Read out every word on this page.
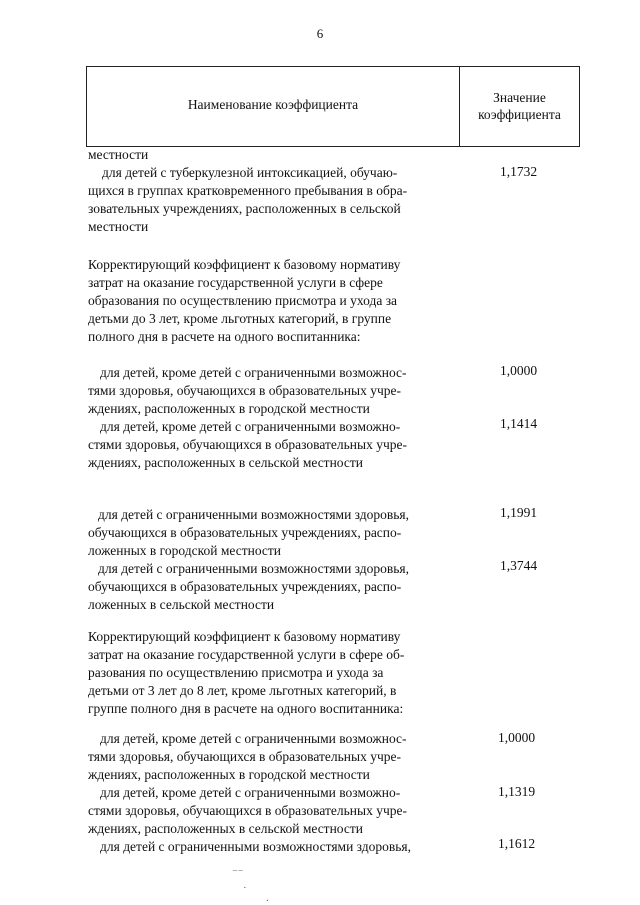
6
Наименование коэффициента	Значение
коэффициента
местности
для детей с туберкулезной интоксикацией, обучаю-
щихся в группах кратковременного пребывания в обра-
зовательных учреждениях, расположенных в сельской
местности
1,1732
Корректирующий коэффициент к базовому нормативу
затрат на оказание государственной услуги в сфере
образования по осуществлению присмотра и ухода за
детьми до 3 лет, кроме льготных категорий, в группе
полного дня в расчете на одного воспитанника:
для детей, кроме детей с ограниченными возможнос-
тями здоровья, обучающихся в образовательных учре-
ждениях, расположенных в городской местности
1,0000
для детей, кроме детей с ограниченными возможно-
стями здоровья, обучающихся в образовательных учре-
ждениях, расположенных в сельской местности
1,1414
для детей с ограниченными возможностями здоровья,
обучающихся в образовательных учреждениях, распо-
ложенных в городской местности
1,1991
для детей с ограниченными возможностями здоровья,
обучающихся в образовательных учреждениях, распо-
ложенных в сельской местности
1,3744
Корректирующий коэффициент к базовому нормативу
затрат на оказание государственной услуги в сфере об-
разования по осуществлению присмотра и ухода за
детьми от 3 лет до 8 лет, кроме льготных категорий, в
группе полного дня в расчете на одного воспитанника:
для детей, кроме детей с ограниченными возможнос-
тями здоровья, обучающихся в образовательных учре-
ждениях, расположенных в городской местности
1,0000
для детей, кроме детей с ограниченными возможно-
стями здоровья, обучающихся в образовательных учре-
ждениях, расположенных в сельской местности
1,1319
для детей с ограниченными возможностями здоровья,	1,1612
⁻⁻
·
.
